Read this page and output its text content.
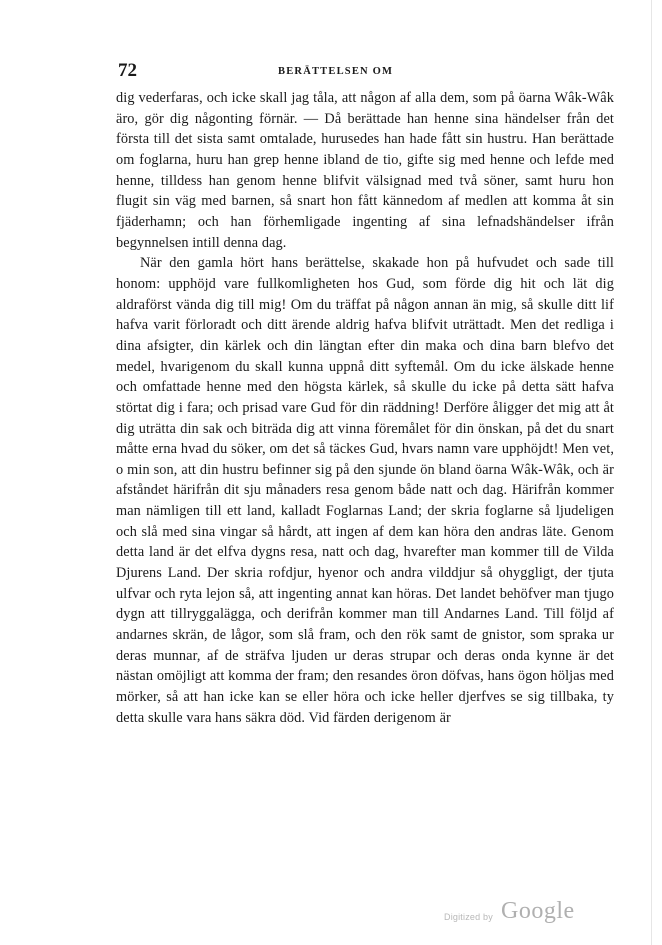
72	BERÄTTELSEN OM

dig vederfaras, och icke skall jag tåla, att någon af alla dem, som på öarna Wâk-Wâk äro, gör dig någonting förnär. — Då berättade han henne sina händelser från det första till det sista samt omtalade, hurusedes han hade fått sin hustru. Han berättade om foglarna, huru han grep henne ibland de tio, gifte sig med henne och lefde med henne, tilldess han genom henne blifvit välsignad med två söner, samt huru hon flugit sin väg med barnen, så snart hon fått kännedom af medlen att komma åt sin fjäderhamn; och han förhemligade ingenting af sina lefnadshändelser ifrån begynnelsen intill denna dag.

När den gamla hört hans berättelse, skakade hon på hufvudet och sade till honom: upphöjd vare fullkomligheten hos Gud, som förde dig hit och lät dig aldraförst vända dig till mig! Om du träffat på någon annan än mig, så skulle ditt lif hafva varit förloradt och ditt ärende aldrig hafva blifvit uträttadt. Men det redliga i dina afsigter, din kärlek och din längtan efter din maka och dina barn blefvo det medel, hvarigenom du skall kunna uppnå ditt syftemål. Om du icke älskade henne och omfattade henne med den högsta kärlek, så skulle du icke på detta sätt hafva störtat dig i fara; och prisad vare Gud för din räddning! Derföre åligger det mig att åt dig uträtta din sak och biträda dig att vinna föremålet för din önskan, på det du snart måtte erna hvad du söker, om det så täckes Gud, hvars namn vare upphöjdt! Men vet, o min son, att din hustru befinner sig på den sjunde ön bland öarna Wâk-Wâk, och är afståndet härifrån dit sju månaders resa genom både natt och dag. Härifrån kommer man nämligen till ett land, kalladt Foglarnas Land; der skria foglarne så ljudeligen och slå med sina vingar så hårdt, att ingen af dem kan höra den andras läte. Genom detta land är det elfva dygns resa, natt och dag, hvarefter man kommer till de Vilda Djurens Land. Der skria rofdjur, hyenor och andra vilddjur så ohyggligt, der tjuta ulfvar och ryta lejon så, att ingenting annat kan höras. Det landet behöfver man tjugo dygn att tillryggalägga, och derifrån kommer man till Andarnes Land. Till följd af andarnes skrän, de lågor, som slå fram, och den rök samt de gnistor, som spraka ur deras munnar, af de sträfva ljuden ur deras strupar och deras onda kynne är det nästan omöjligt att komma der fram; den resandes öron döfvas, hans ögon höljas med mörker, så att han icke kan se eller höra och icke heller djerfves se sig tillbaka, ty detta skulle vara hans säkra död. Vid färden derigenom är

Digitized by Google
